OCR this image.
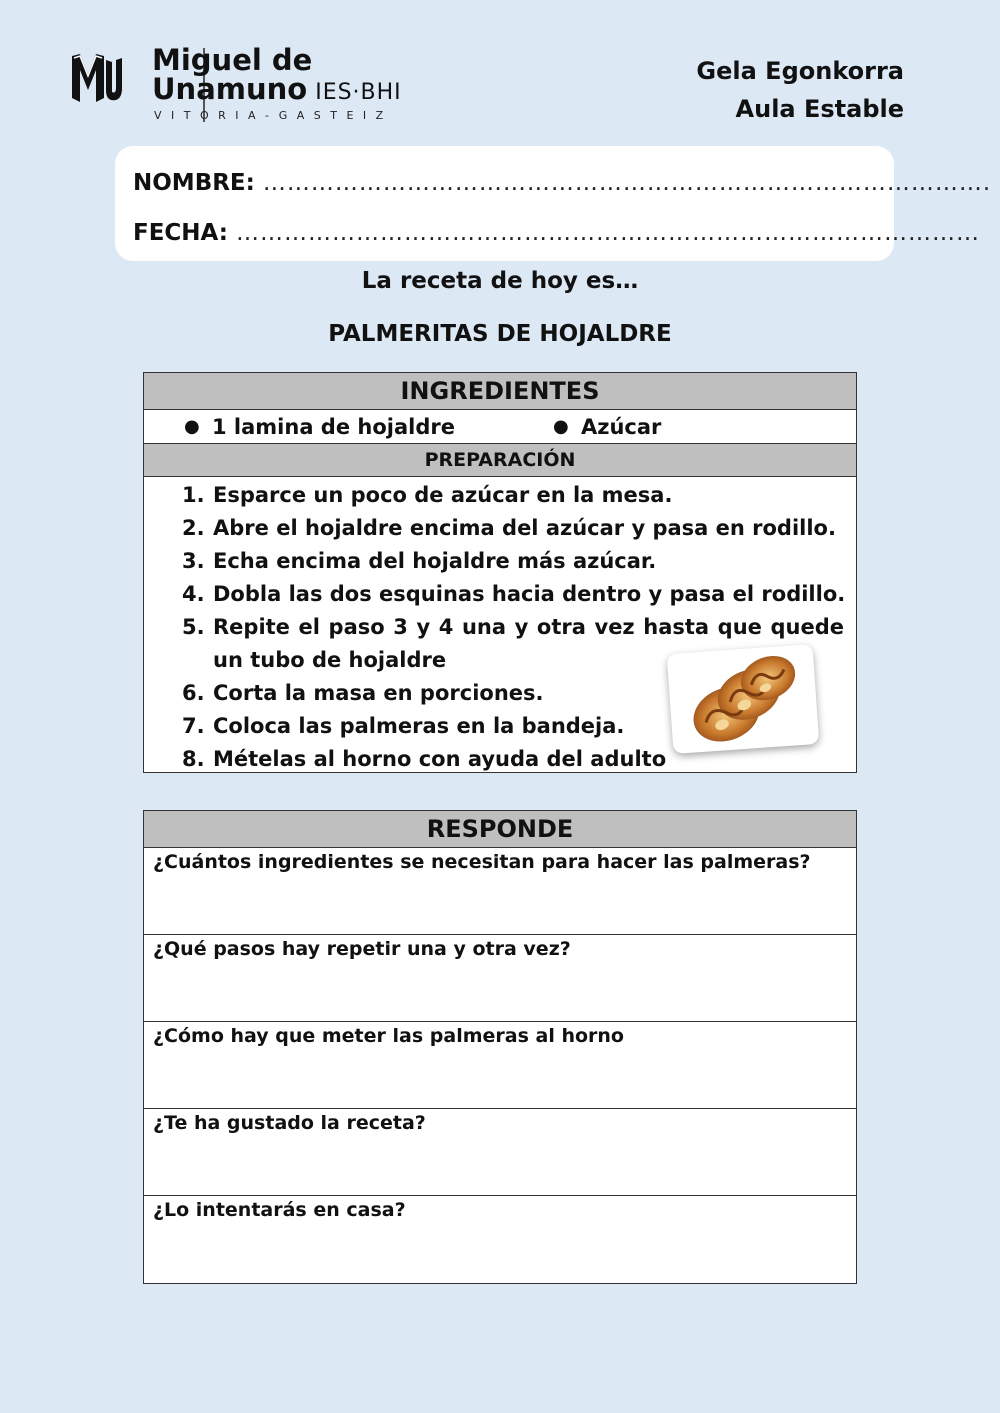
Miguel de
Unamuno IES·BHI
VITORIA-GASTEIZ
Gela Egonkorra
Aula Estable
NOMBRE: ……………………………………………………………………………….
FECHA: …………………………………………………………………………………
La receta de hoy es…
PALMERITAS DE HOJALDRE
INGREDIENTES
● 1 lamina de hojaldre	● Azúcar
PREPARACIÓN
1. Esparce un poco de azúcar en la mesa.
2. Abre el hojaldre encima del azúcar y pasa en rodillo.
3. Echa encima del hojaldre más azúcar.
4. Dobla las dos esquinas hacia dentro y pasa el rodillo.
5. Repite el paso 3 y 4 una y otra vez hasta que quede un tubo de hojaldre
6. Corta la masa en porciones.
7. Coloca las palmeras en la bandeja.
8. Mételas al horno con ayuda del adulto
RESPONDE
¿Cuántos ingredientes se necesitan para hacer las palmeras?
¿Qué pasos hay repetir una y otra vez?
¿Cómo hay que meter las palmeras al horno
¿Te ha gustado la receta?
¿Lo intentarás en casa?
